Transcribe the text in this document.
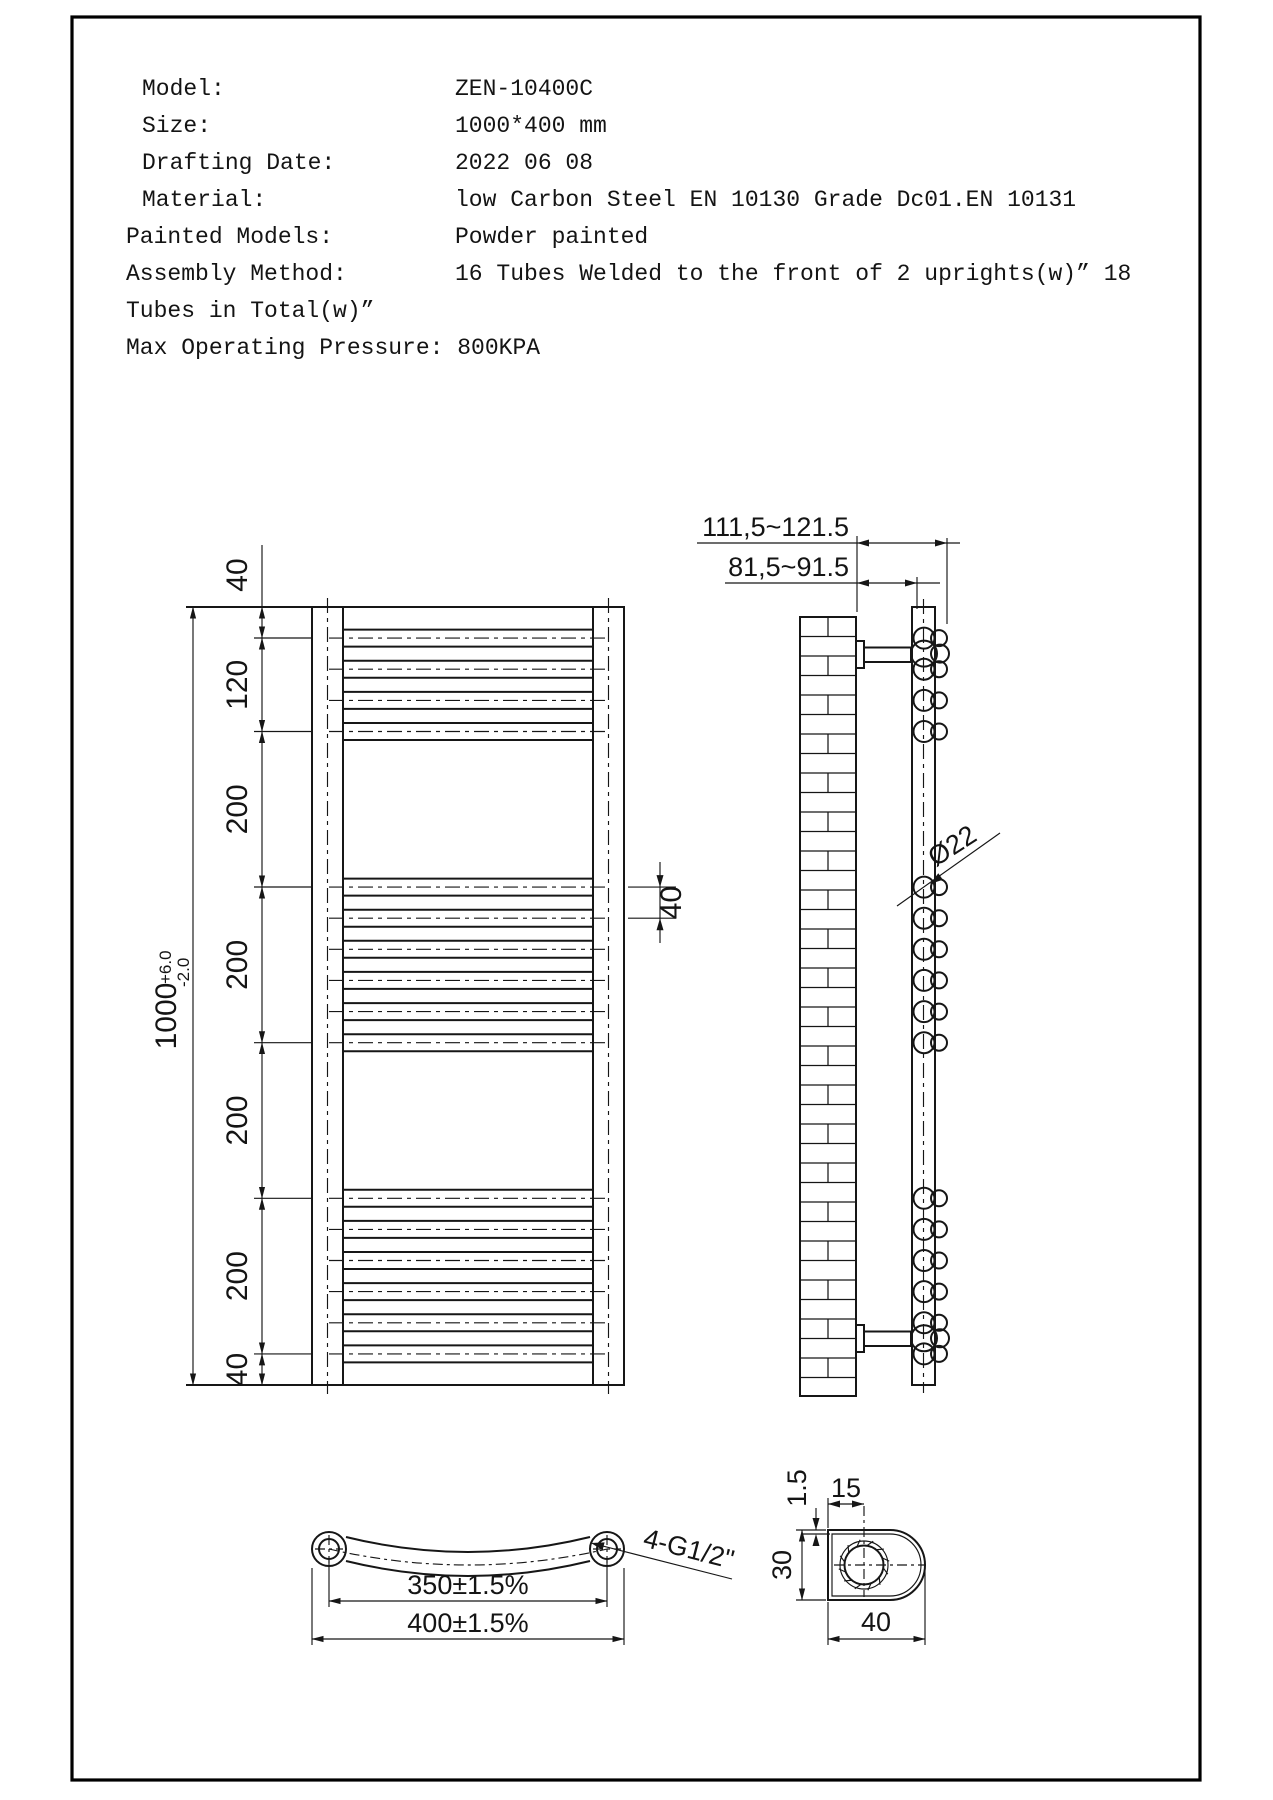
Model:	ZEN-10400C
Size:	1000*400 mm
Drafting Date:	2022 06 08
Material:	low Carbon Steel EN 10130 Grade Dc01.EN 10131
Painted Models:	Powder painted
Assembly Method:	16 Tubes Welded to the front of 2 uprights(w)” 18
Tubes in Total(w)”
Max Operating Pressure: 800KPA
40
120
200
200
200
200
40
1000
+6.0 -2.0
40
111,5~121.5
81,5~91.5
Ø22
350±1.5%
400±1.5%
4-G1/2"
15
1.5
30
40
